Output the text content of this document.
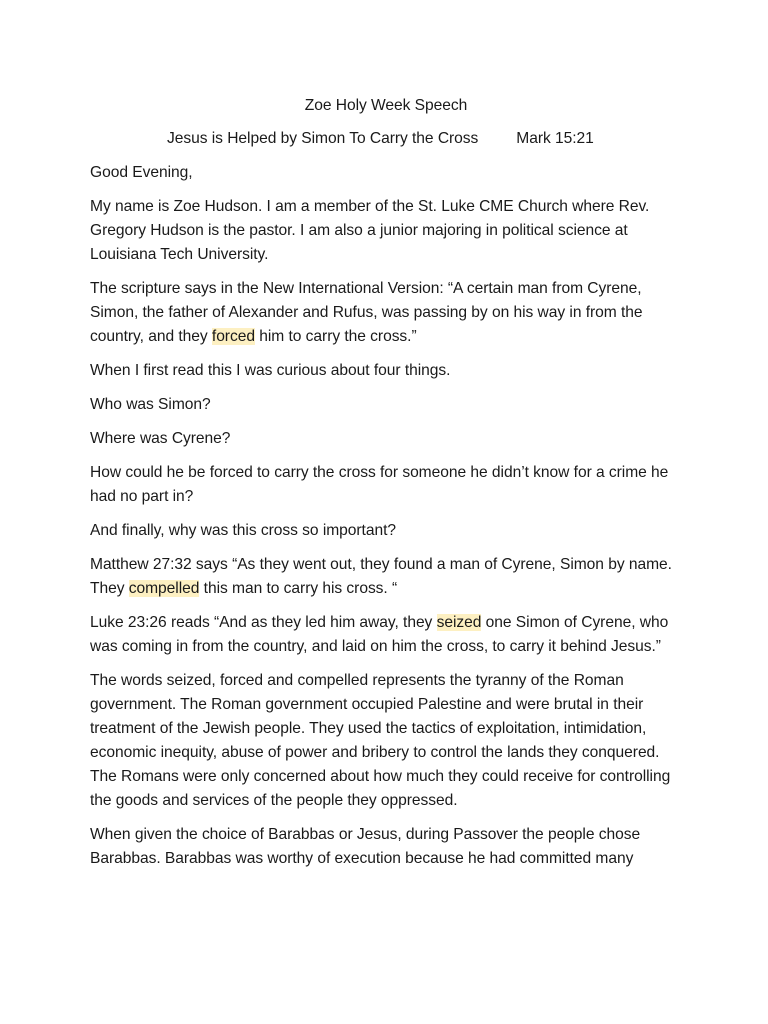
Zoe Holy Week Speech
Jesus is Helped by Simon To Carry the Cross Mark 15:21

Good Evening,

My name is Zoe Hudson. I am a member of the St. Luke CME Church where Rev. Gregory Hudson is the pastor. I am also a junior majoring in political science at Louisiana Tech University.

The scripture says in the New International Version: “A certain man from Cyrene, Simon, the father of Alexander and Rufus, was passing by on his way in from the country, and they forced him to carry the cross.”

When I first read this I was curious about four things.

Who was Simon?

Where was Cyrene?

How could he be forced to carry the cross for someone he didn’t know for a crime he had no part in?

And finally, why was this cross so important?

Matthew 27:32 says “As they went out, they found a man of Cyrene, Simon by name. They compelled this man to carry his cross. “

Luke 23:26 reads “And as they led him away, they seized one Simon of Cyrene, who was coming in from the country, and laid on him the cross, to carry it behind Jesus.”

The words seized, forced and compelled represents the tyranny of the Roman government. The Roman government occupied Palestine and were brutal in their treatment of the Jewish people. They used the tactics of exploitation, intimidation, economic inequity, abuse of power and bribery to control the lands they conquered. The Romans were only concerned about how much they could receive for controlling the goods and services of the people they oppressed.

When given the choice of Barabbas or Jesus, during Passover the people chose Barabbas. Barabbas was worthy of execution because he had committed many
